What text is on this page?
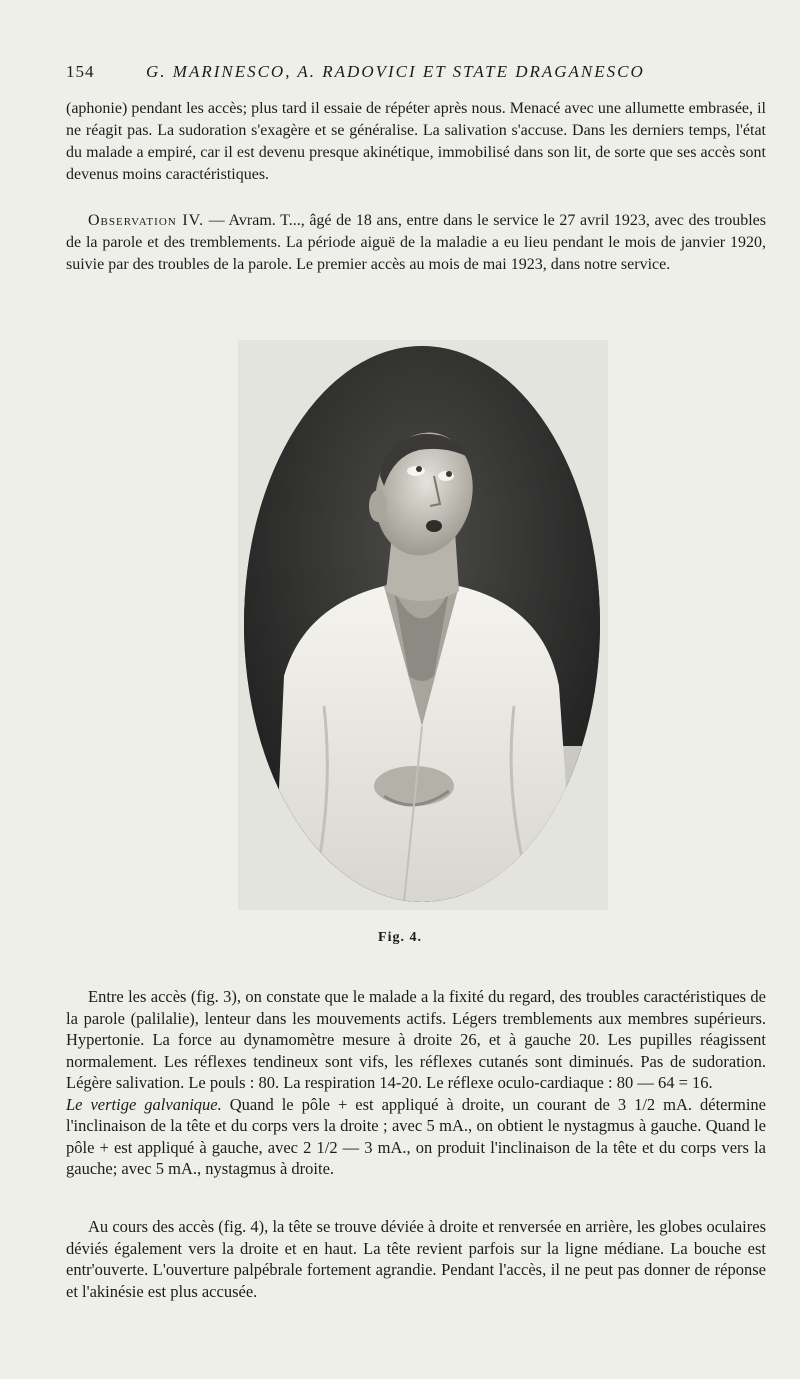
154	G. MARINESCO, A. RADOVICI ET STATE DRAGANESCO

(aphonie) pendant les accès; plus tard il essaie de répéter après nous. Menacé avec une allumette embrasée, il ne réagit pas. La sudoration s'exagère et se généralise. La salivation s'accuse. Dans les derniers temps, l'état du malade a empiré, car il est devenu presque akinétique, immobilisé dans son lit, de sorte que ses accès sont devenus moins caractéristiques.

Observation IV. — Avram. T..., âgé de 18 ans, entre dans le service le 27 avril 1923, avec des troubles de la parole et des tremblements. La période aiguë de la maladie a eu lieu pendant le mois de janvier 1920, suivie par des troubles de la parole. Le premier accès au mois de mai 1923, dans notre service.

Fig. 4.

Entre les accès (fig. 3), on constate que le malade a la fixité du regard, des troubles caractéristiques de la parole (palilalie), lenteur dans les mouvements actifs. Légers tremblements aux membres supérieurs. Hypertonie. La force au dynamomètre mesure à droite 26, et à gauche 20. Les pupilles réagissent normalement. Les réflexes tendineux sont vifs, les réflexes cutanés sont diminués. Pas de sudoration. Légère salivation. Le pouls : 80. La respiration 14-20. Le réflexe oculo-cardiaque : 80 — 64 = 16.

Le vertige galvanique. Quand le pôle + est appliqué à droite, un courant de 3 1/2 mA. détermine l'inclinaison de la tête et du corps vers la droite ; avec 5 mA., on obtient le nystagmus à gauche. Quand le pôle + est appliqué à gauche, avec 2 1/2 — 3 mA., on produit l'inclinaison de la tête et du corps vers la gauche; avec 5 mA., nystagmus à droite.

Au cours des accès (fig. 4), la tête se trouve déviée à droite et renversée en arrière, les globes oculaires déviés également vers la droite et en haut. La tête revient parfois sur la ligne médiane. La bouche est entr'ouverte. L'ouverture palpébrale fortement agrandie. Pendant l'accès, il ne peut pas donner de réponse et l'akinésie est plus accusée.
